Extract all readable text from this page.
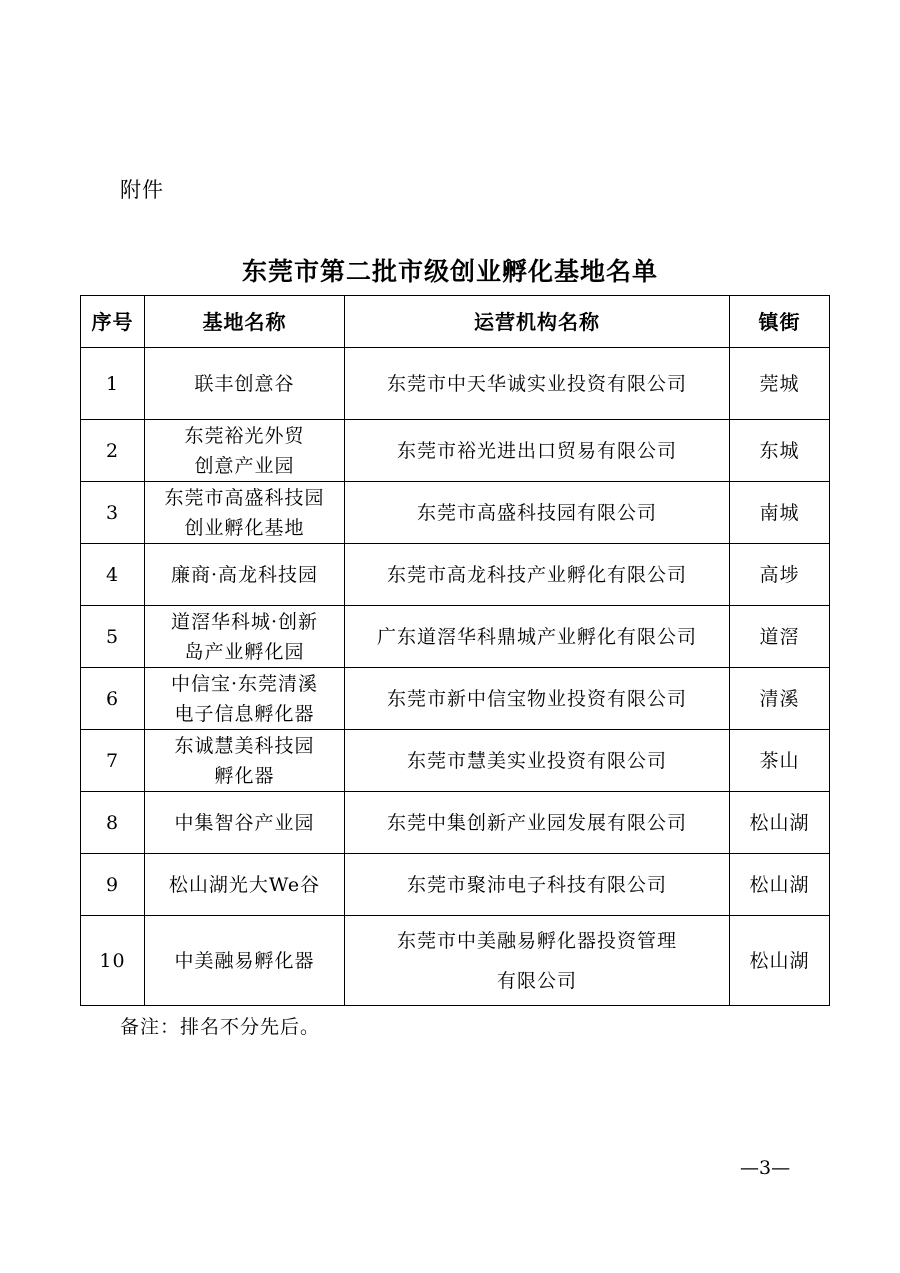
附件
东莞市第二批市级创业孵化基地名单
序号	基地名称	运营机构名称	镇街
1	联丰创意谷	东莞市中天华诚实业投资有限公司	莞城
2	东莞裕光外贸
创意产业园	东莞市裕光进出口贸易有限公司	东城
3	东莞市高盛科技园
创业孵化基地	东莞市高盛科技园有限公司	南城
4	廉商·高龙科技园	东莞市高龙科技产业孵化有限公司	高埗
5	道滘华科城·创新
岛产业孵化园	广东道滘华科鼎城产业孵化有限公司	道滘
6	中信宝·东莞清溪
电子信息孵化器	东莞市新中信宝物业投资有限公司	清溪
7	东诚慧美科技园
孵化器	东莞市慧美实业投资有限公司	茶山
8	中集智谷产业园	东莞中集创新产业园发展有限公司	松山湖
9	松山湖光大We谷	东莞市聚沛电子科技有限公司	松山湖
10	中美融易孵化器	东莞市中美融易孵化器投资管理
有限公司	松山湖
备注：排名不分先后。
—3—
